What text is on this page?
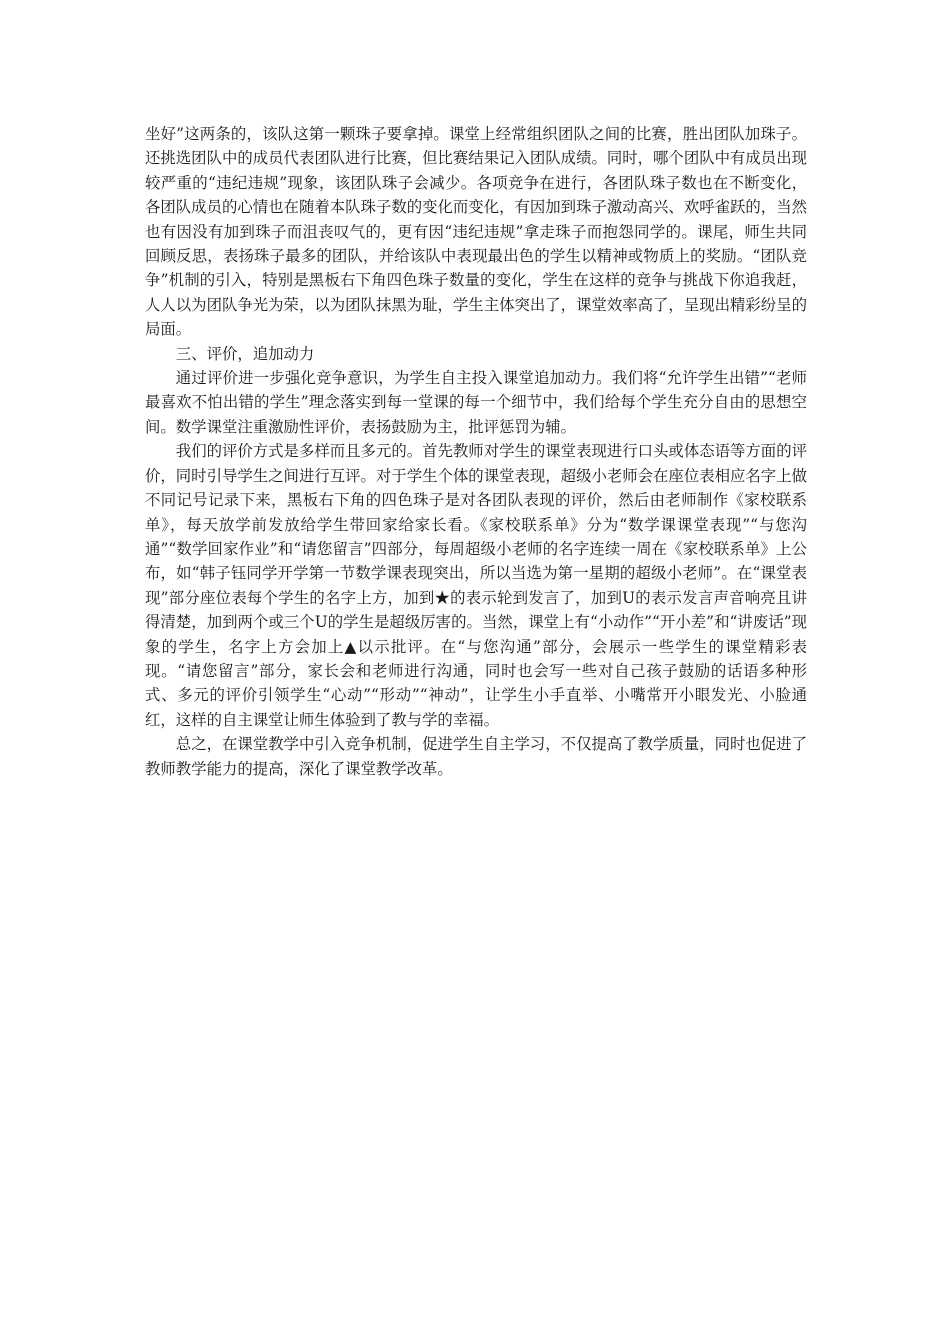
坐好”这两条的，该队这第一颗珠子要拿掉。课堂上经常组织团队之间的比赛，胜出团队加珠子。还挑选团队中的成员代表团队进行比赛，但比赛结果记入团队成绩。同时，哪个团队中有成员出现较严重的“违纪违规”现象，该团队珠子会减少。各项竞争在进行，各团队珠子数也在不断变化，各团队成员的心情也在随着本队珠子数的变化而变化，有因加到珠子激动高兴、欢呼雀跃的，当然也有因没有加到珠子而沮丧叹气的，更有因“违纪违规”拿走珠子而抱怨同学的。课尾，师生共同回顾反思，表扬珠子最多的团队，并给该队中表现最出色的学生以精神或物质上的奖励。“团队竞争”机制的引入，特别是黑板右下角四色珠子数量的变化，学生在这样的竞争与挑战下你追我赶，人人以为团队争光为荣，以为团队抹黑为耻，学生主体突出了，课堂效率高了，呈现出精彩纷呈的局面。

三、评价，追加动力

通过评价进一步强化竞争意识，为学生自主投入课堂追加动力。我们将“允许学生出错”“老师最喜欢不怕出错的学生”理念落实到每一堂课的每一个细节中，我们给每个学生充分自由的思想空间。数学课堂注重激励性评价，表扬鼓励为主，批评惩罚为辅。

我们的评价方式是多样而且多元的。首先教师对学生的课堂表现进行口头或体态语等方面的评价，同时引导学生之间进行互评。对于学生个体的课堂表现，超级小老师会在座位表相应名字上做不同记号记录下来，黑板右下角的四色珠子是对各团队表现的评价，然后由老师制作《家校联系单》，每天放学前发放给学生带回家给家长看。《家校联系单》分为“数学课课堂表现”“与您沟通”“数学回家作业”和“请您留言”四部分，每周超级小老师的名字连续一周在《家校联系单》上公布，如“韩子钰同学开学第一节数学课表现突出，所以当选为第一星期的超级小老师”。在“课堂表现”部分座位表每个学生的名字上方，加到★的表示轮到发言了，加到U的表示发言声音响亮且讲得清楚，加到两个或三个U的学生是超级厉害的。当然，课堂上有“小动作”“开小差”和“讲废话”现象的学生，名字上方会加上▲以示批评。在“与您沟通”部分，会展示一些学生的课堂精彩表现。“请您留言”部分，家长会和老师进行沟通，同时也会写一些对自己孩子鼓励的话语多种形式、多元的评价引领学生“心动”“形动”“神动”，让学生小手直举、小嘴常开小眼发光、小脸通红，这样的自主课堂让师生体验到了教与学的幸福。

总之，在课堂教学中引入竞争机制，促进学生自主学习，不仅提高了教学质量，同时也促进了教师教学能力的提高，深化了课堂教学改革。
